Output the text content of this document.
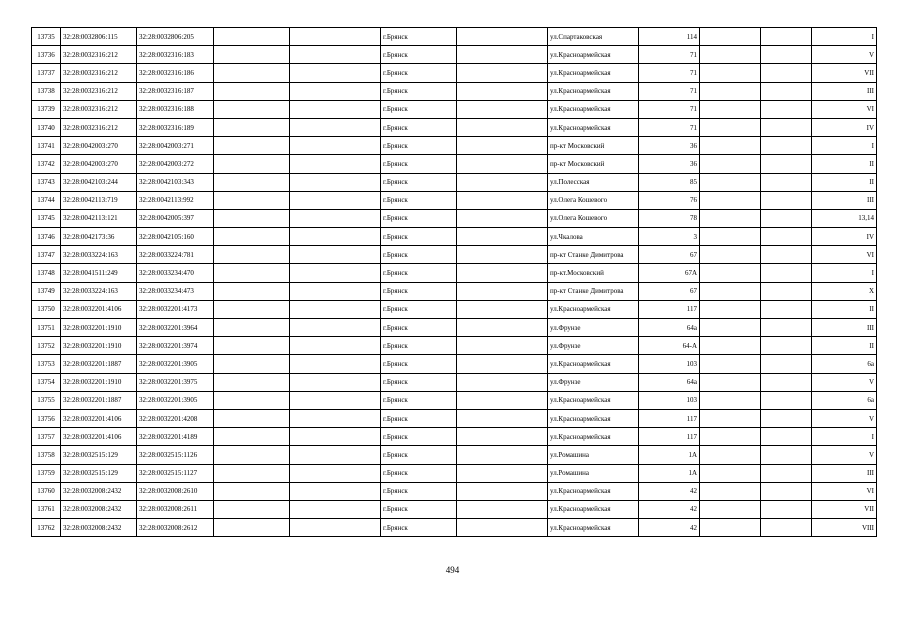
13735	32:28:0032806:115	32:28:0032806:205			г.Брянск		ул.Спартаковская	114			I
13736	32:28:0032316:212	32:28:0032316:183			г.Брянск		ул.Красноармейская	71			V
13737	32:28:0032316:212	32:28:0032316:186			г.Брянск		ул.Красноармейская	71			VII
13738	32:28:0032316:212	32:28:0032316:187			г.Брянск		ул.Красноармейская	71			III
13739	32:28:0032316:212	32:28:0032316:188			г.Брянск		ул.Красноармейская	71			VI
13740	32:28:0032316:212	32:28:0032316:189			г.Брянск		ул.Красноармейская	71			IV
13741	32:28:0042003:270	32:28:0042003:271			г.Брянск		пр-кт Московский	36			I
13742	32:28:0042003:270	32:28:0042003:272			г.Брянск		пр-кт Московский	36			II
13743	32:28:0042103:244	32:28:0042103:343			г.Брянск		ул.Полесская	85			II
13744	32:28:0042113:719	32:28:0042113:992			г.Брянск		ул.Олега Кошевого	76			III
13745	32:28:0042113:121	32:28:0042005:397			г.Брянск		ул.Олега Кошевого	78			13,14
13746	32:28:0042173:36	32:28:0042105:160			г.Брянск		ул.Чкалова	3			IV
13747	32:28:0033224:163	32:28:0033224:781			г.Брянск		пр-кт Станке Димитрова	67			VI
13748	32:28:0041511:249	32:28:0033234:470			г.Брянск		пр-кт.Московский	67А			I
13749	32:28:0033224:163	32:28:0033234:473			г.Брянск		пр-кт Станке Димитрова	67			X
13750	32:28:0032201:4106	32:28:0032201:4173			г.Брянск		ул.Красноармейская	117			II
13751	32:28:0032201:1910	32:28:0032201:3964			г.Брянск		ул.Фрунзе	64а			III
13752	32:28:0032201:1910	32:28:0032201:3974			г.Брянск		ул.Фрунзе	64-А			II
13753	32:28:0032201:1887	32:28:0032201:3905			г.Брянск		ул.Красноармейская	103			6а
13754	32:28:0032201:1910	32:28:0032201:3975			г.Брянск		ул.Фрунзе	64а			V
13755	32:28:0032201:1887	32:28:0032201:3905			г.Брянск		ул.Красноармейская	103			6а
13756	32:28:0032201:4106	32:28:0032201:4208			г.Брянск		ул.Красноармейская	117			V
13757	32:28:0032201:4106	32:28:0032201:4189			г.Брянск		ул.Красноармейская	117			I
13758	32:28:0032515:129	32:28:0032515:1126			г.Брянск		ул.Ромашина	1А			V
13759	32:28:0032515:129	32:28:0032515:1127			г.Брянск		ул.Ромашина	1А			III
13760	32:28:0032008:2432	32:28:0032008:2610			г.Брянск		ул.Красноармейская	42			VI
13761	32:28:0032008:2432	32:28:0032008:2611			г.Брянск		ул.Красноармейская	42			VII
13762	32:28:0032008:2432	32:28:0032008:2612			г.Брянск		ул.Красноармейская	42			VIII
494
